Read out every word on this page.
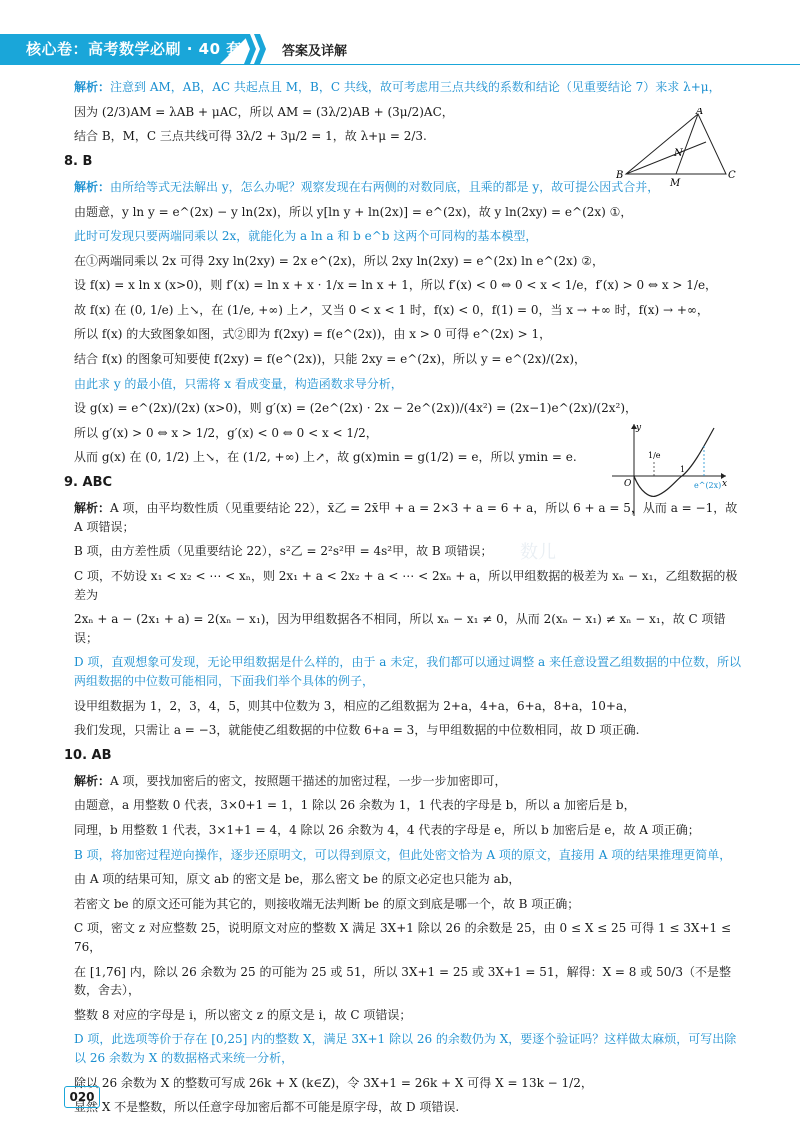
核心卷：高考数学必刷 · 40 套	答案及详解
数儿

解析：注意到 AM，AB，AC 共起点且 M，B，C 共线，故可考虑用三点共线的系数和结论（见重要结论 7）来求 λ+μ，

因为 (2/3)AM = λAB + μAC，所以 AM = (3λ/2)AB + (3μ/2)AC，

结合 B，M，C 三点共线可得 3λ/2 + 3μ/2 = 1，故 λ+μ = 2/3.

8. B

解析：由所给等式无法解出 y，怎么办呢？观察发现在右两侧的对数同底，且乘的都是 y，故可提公因式合并，

由题意，y ln y = e^(2x) − y ln(2x)，所以 y[ln y + ln(2x)] = e^(2x)，故 y ln(2xy) = e^(2x) ①，

此时可发现只要两端同乘以 2x，就能化为 a ln a 和 b e^b 这两个可同构的基本模型，

在①两端同乘以 2x 可得 2xy ln(2xy) = 2x e^(2x)，所以 2xy ln(2xy) = e^(2x) ln e^(2x) ②，

设 f(x) = x ln x (x>0)，则 f′(x) = ln x + x · 1/x = ln x + 1，所以 f′(x) < 0 ⇔ 0 < x < 1/e，f′(x) > 0 ⇔ x > 1/e，

故 f(x) 在 (0, 1/e) 上↘，在 (1/e, +∞) 上↗，又当 0 < x < 1 时，f(x) < 0，f(1) = 0，当 x → +∞ 时，f(x) → +∞，

所以 f(x) 的大致图象如图，式②即为 f(2xy) = f(e^(2x))，由 x > 0 可得 e^(2x) > 1，

结合 f(x) 的图象可知要使 f(2xy) = f(e^(2x))，只能 2xy = e^(2x)，所以 y = e^(2x)/(2x)，

由此求 y 的最小值，只需将 x 看成变量，构造函数求导分析，

设 g(x) = e^(2x)/(2x) (x>0)，则 g′(x) = (2e^(2x) · 2x − 2e^(2x))/(4x²) = (2x−1)e^(2x)/(2x²)，

所以 g′(x) > 0 ⇔ x > 1/2，g′(x) < 0 ⇔ 0 < x < 1/2，

从而 g(x) 在 (0, 1/2) 上↘，在 (1/2, +∞) 上↗，故 g(x)min = g(1/2) = e，所以 ymin = e.

9. ABC

解析：A 项，由平均数性质（见重要结论 22），x̄乙 = 2x̄甲 + a = 2×3 + a = 6 + a，所以 6 + a = 5，从而 a = −1，故 A 项错误；

B 项，由方差性质（见重要结论 22），s²乙 = 2²s²甲 = 4s²甲，故 B 项错误；

C 项，不妨设 x₁ < x₂ < ⋯ < xₙ，则 2x₁ + a < 2x₂ + a < ⋯ < 2xₙ + a，所以甲组数据的极差为 xₙ − x₁，乙组数据的极差为

2xₙ + a − (2x₁ + a) = 2(xₙ − x₁)，因为甲组数据各不相同，所以 xₙ − x₁ ≠ 0，从而 2(xₙ − x₁) ≠ xₙ − x₁，故 C 项错误；

D 项，直观想象可发现，无论甲组数据是什么样的，由于 a 未定，我们都可以通过调整 a 来任意设置乙组数据的中位数，所以两组数据的中位数可能相同，下面我们举个具体的例子，

设甲组数据为 1，2，3，4，5，则其中位数为 3，相应的乙组数据为 2+a，4+a，6+a，8+a，10+a，

我们发现，只需让 a = −3，就能使乙组数据的中位数 6+a = 3，与甲组数据的中位数相同，故 D 项正确.

10. AB

解析：A 项，要找加密后的密文，按照题干描述的加密过程，一步一步加密即可，

由题意，a 用整数 0 代表，3×0+1 = 1，1 除以 26 余数为 1，1 代表的字母是 b，所以 a 加密后是 b，

同理，b 用整数 1 代表，3×1+1 = 4，4 除以 26 余数为 4，4 代表的字母是 e，所以 b 加密后是 e，故 A 项正确；

B 项，将加密过程逆向操作，逐步还原明文，可以得到原文，但此处密文恰为 A 项的原文，直接用 A 项的结果推理更简单，

由 A 项的结果可知，原文 ab 的密文是 be，那么密文 be 的原文必定也只能为 ab，

若密文 be 的原文还可能为其它的，则接收端无法判断 be 的原文到底是哪一个，故 B 项正确；

C 项，密文 z 对应整数 25，说明原文对应的整数 X 满足 3X+1 除以 26 的余数是 25，由 0 ≤ X ≤ 25 可得 1 ≤ 3X+1 ≤ 76，

在 [1,76] 内，除以 26 余数为 25 的可能为 25 或 51，所以 3X+1 = 25 或 3X+1 = 51，解得：X = 8 或 50/3（不是整数，舍去），

整数 8 对应的字母是 i，所以密文 z 的原文是 i，故 C 项错误；

D 项，此选项等价于存在 [0,25] 内的整数 X，满足 3X+1 除以 26 的余数仍为 X，要逐个验证吗？这样做太麻烦，可写出除以 26 余数为 X 的数据格式来统一分析，

除以 26 余数为 X 的整数可写成 26k + X (k∈Z)，令 3X+1 = 26k + X 可得 X = 13k − 1/2，

显然 X 不是整数，所以任意字母加密后都不可能是原字母，故 D 项错误.

A
N
B
M
C
y
x
O
1/e
1
e^(2x)
020
